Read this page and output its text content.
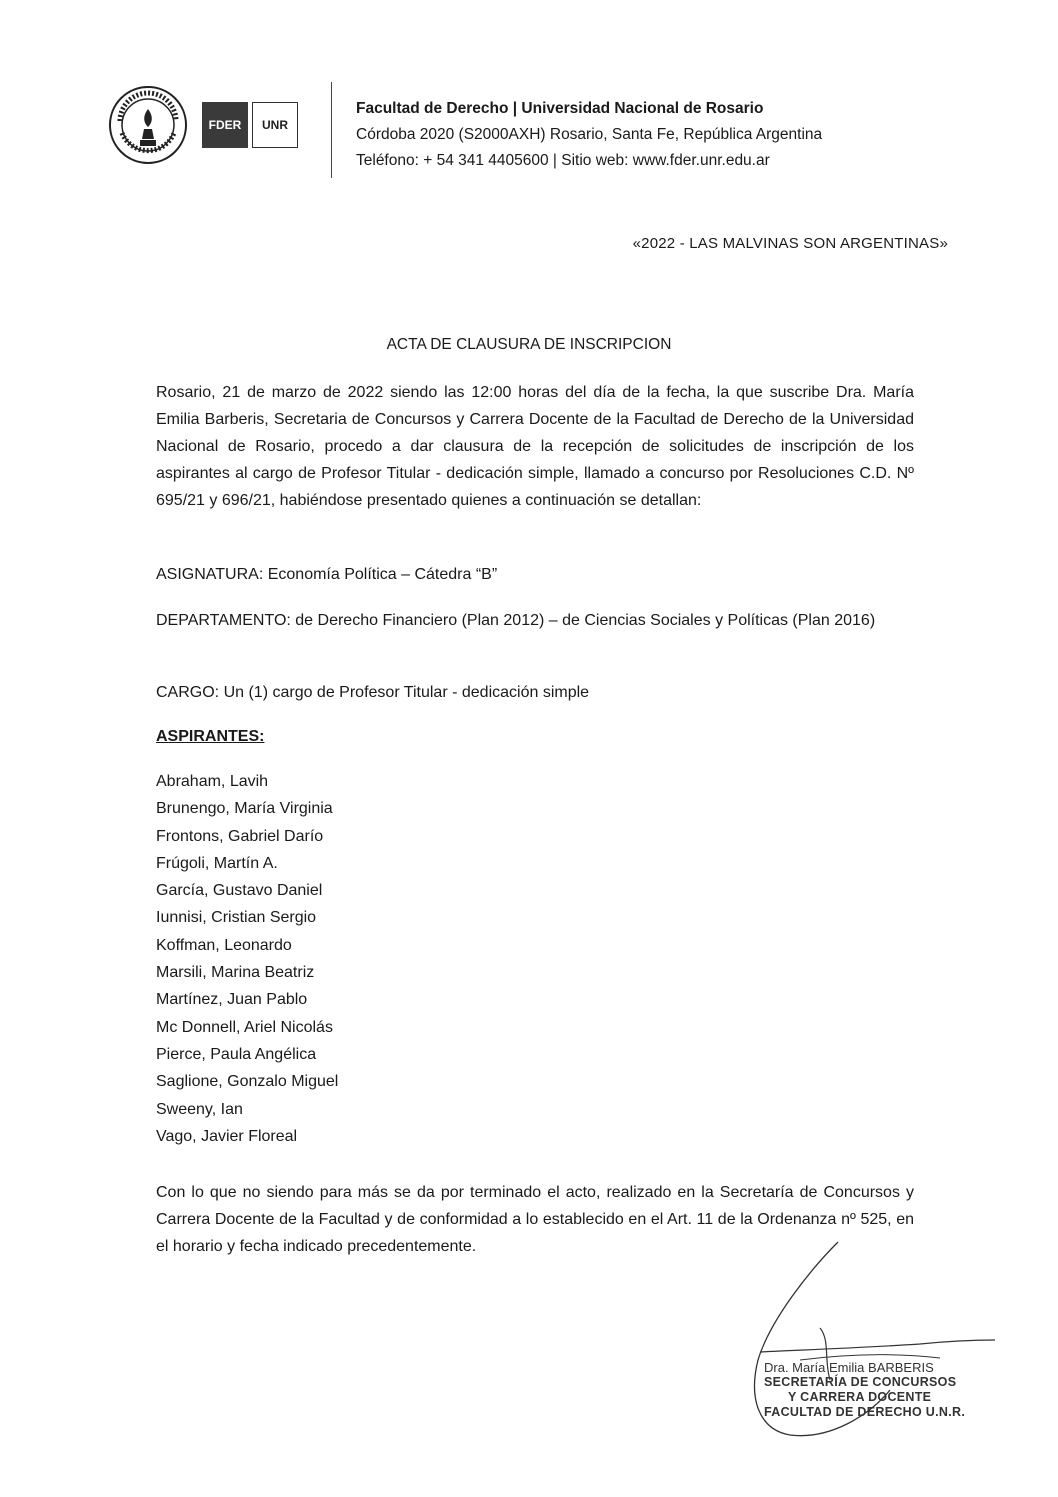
FDER	UNR
Facultad de Derecho | Universidad Nacional de Rosario
Córdoba 2020 (S2000AXH) Rosario, Santa Fe, República Argentina
Teléfono: + 54 341 4405600 | Sitio web: www.fder.unr.edu.ar
«2022 - LAS MALVINAS SON ARGENTINAS»
ACTA DE CLAUSURA DE INSCRIPCION
Rosario, 21 de marzo de 2022 siendo las 12:00 horas del día de la fecha, la que suscribe Dra. María Emilia Barberis, Secretaria de Concursos y Carrera Docente de la Facultad de Derecho de la Universidad Nacional de Rosario, procedo a dar clausura de la recepción de solicitudes de inscripción de los aspirantes al cargo de Profesor Titular - dedicación simple, llamado a concurso por Resoluciones C.D. Nº 695/21 y 696/21, habiéndose presentado quienes a continuación se detallan:
ASIGNATURA: Economía Política – Cátedra “B”
DEPARTAMENTO: de Derecho Financiero (Plan 2012) – de Ciencias Sociales y Políticas (Plan 2016)
CARGO: Un (1) cargo de Profesor Titular - dedicación simple
ASPIRANTES:
Abraham, Lavih
Brunengo, María Virginia
Frontons, Gabriel Darío
Frúgoli, Martín A.
García, Gustavo Daniel
Iunnisi, Cristian Sergio
Koffman, Leonardo
Marsili, Marina Beatriz
Martínez, Juan Pablo
Mc Donnell, Ariel Nicolás
Pierce, Paula Angélica
Saglione, Gonzalo Miguel
Sweeny, Ian
Vago, Javier Floreal
Con lo que no siendo para más se da por terminado el acto, realizado en la Secretaría de Concursos y Carrera Docente de la Facultad y de conformidad a lo establecido en el Art. 11 de la Ordenanza nº 525, en el horario y fecha indicado precedentemente.
Dra. María Emilia BARBERIS
SECRETARÍA DE CONCURSOS
Y CARRERA DOCENTE
FACULTAD DE DERECHO U.N.R.
